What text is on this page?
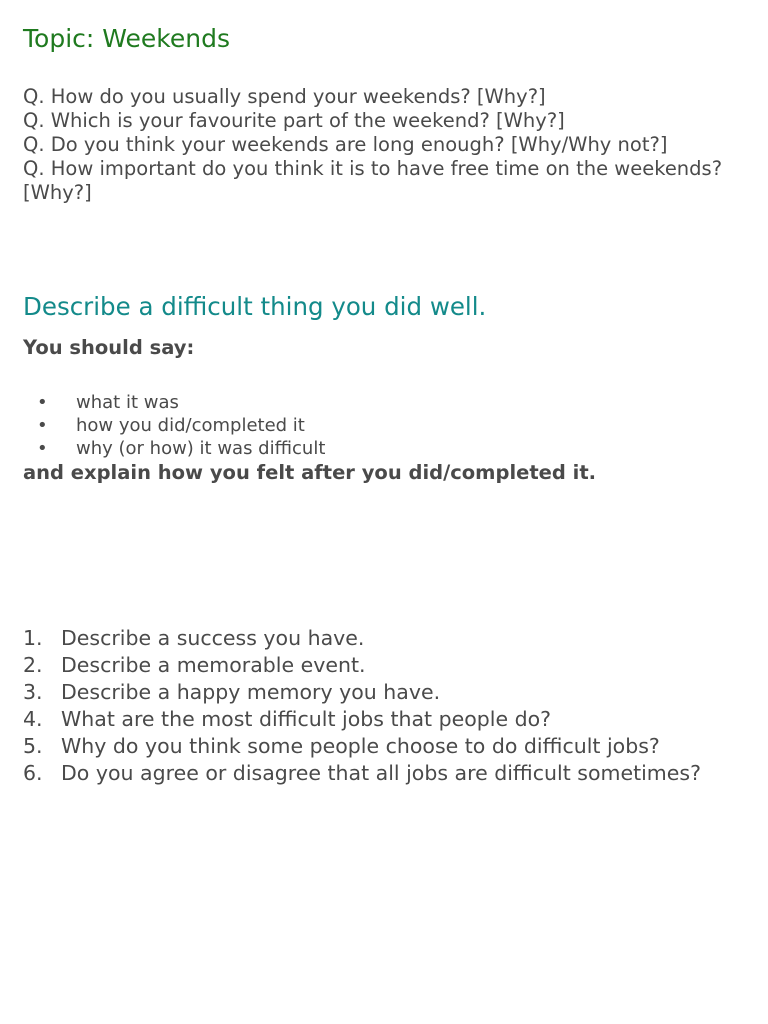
Topic: Weekends
Q. How do you usually spend your weekends? [Why?]
Q. Which is your favourite part of the weekend? [Why?]
Q. Do you think your weekends are long enough? [Why/Why not?]
Q. How important do you think it is to have free time on the weekends? [Why?]
Describe a difficult thing you did well.

You should say:

• what it was
• how you did/completed it
• why (or how) it was difficult

and explain how you felt after you did/completed it.

1. Describe a success you have.
2. Describe a memorable event.
3. Describe a happy memory you have.
4. What are the most difficult jobs that people do?
5. Why do you think some people choose to do difficult jobs?
6. Do you agree or disagree that all jobs are difficult sometimes?
